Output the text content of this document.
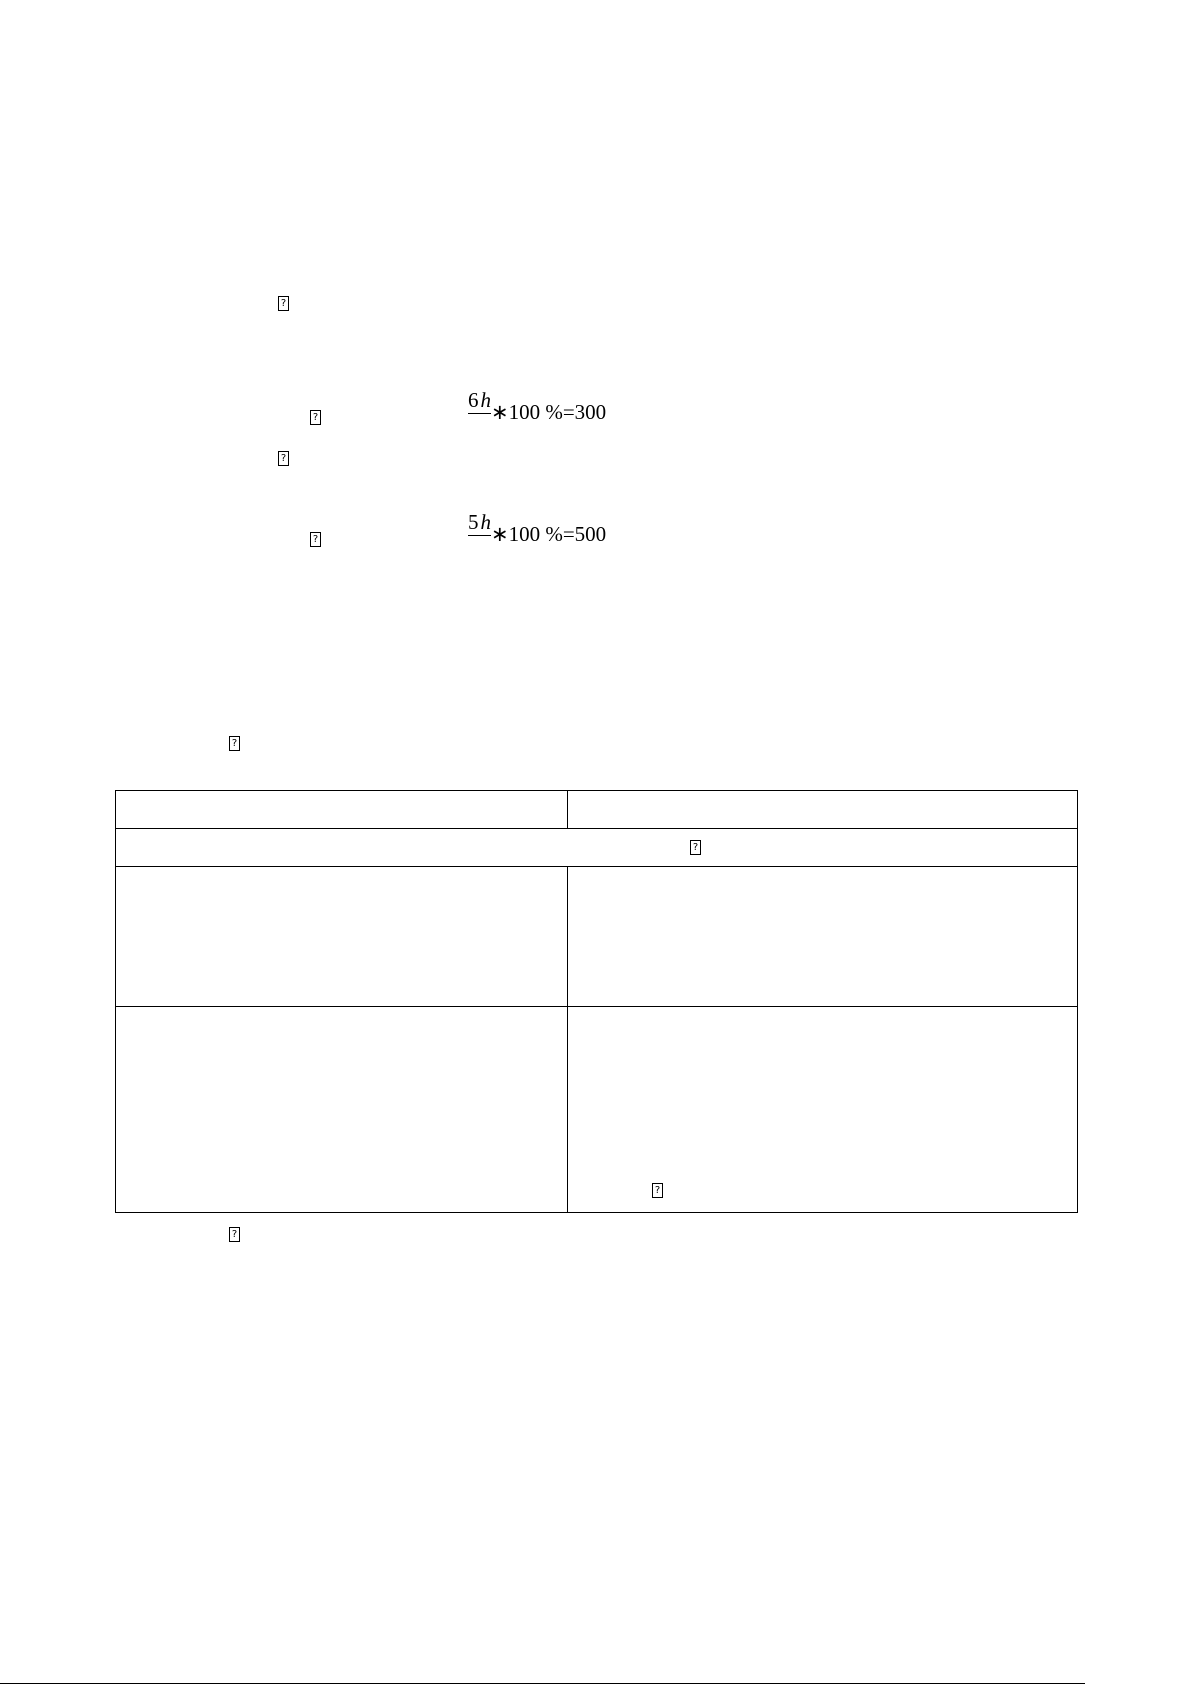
?
?
6h ∗100 %=300
?
?
5h ∗100 %=500
?

?	

	?
?
